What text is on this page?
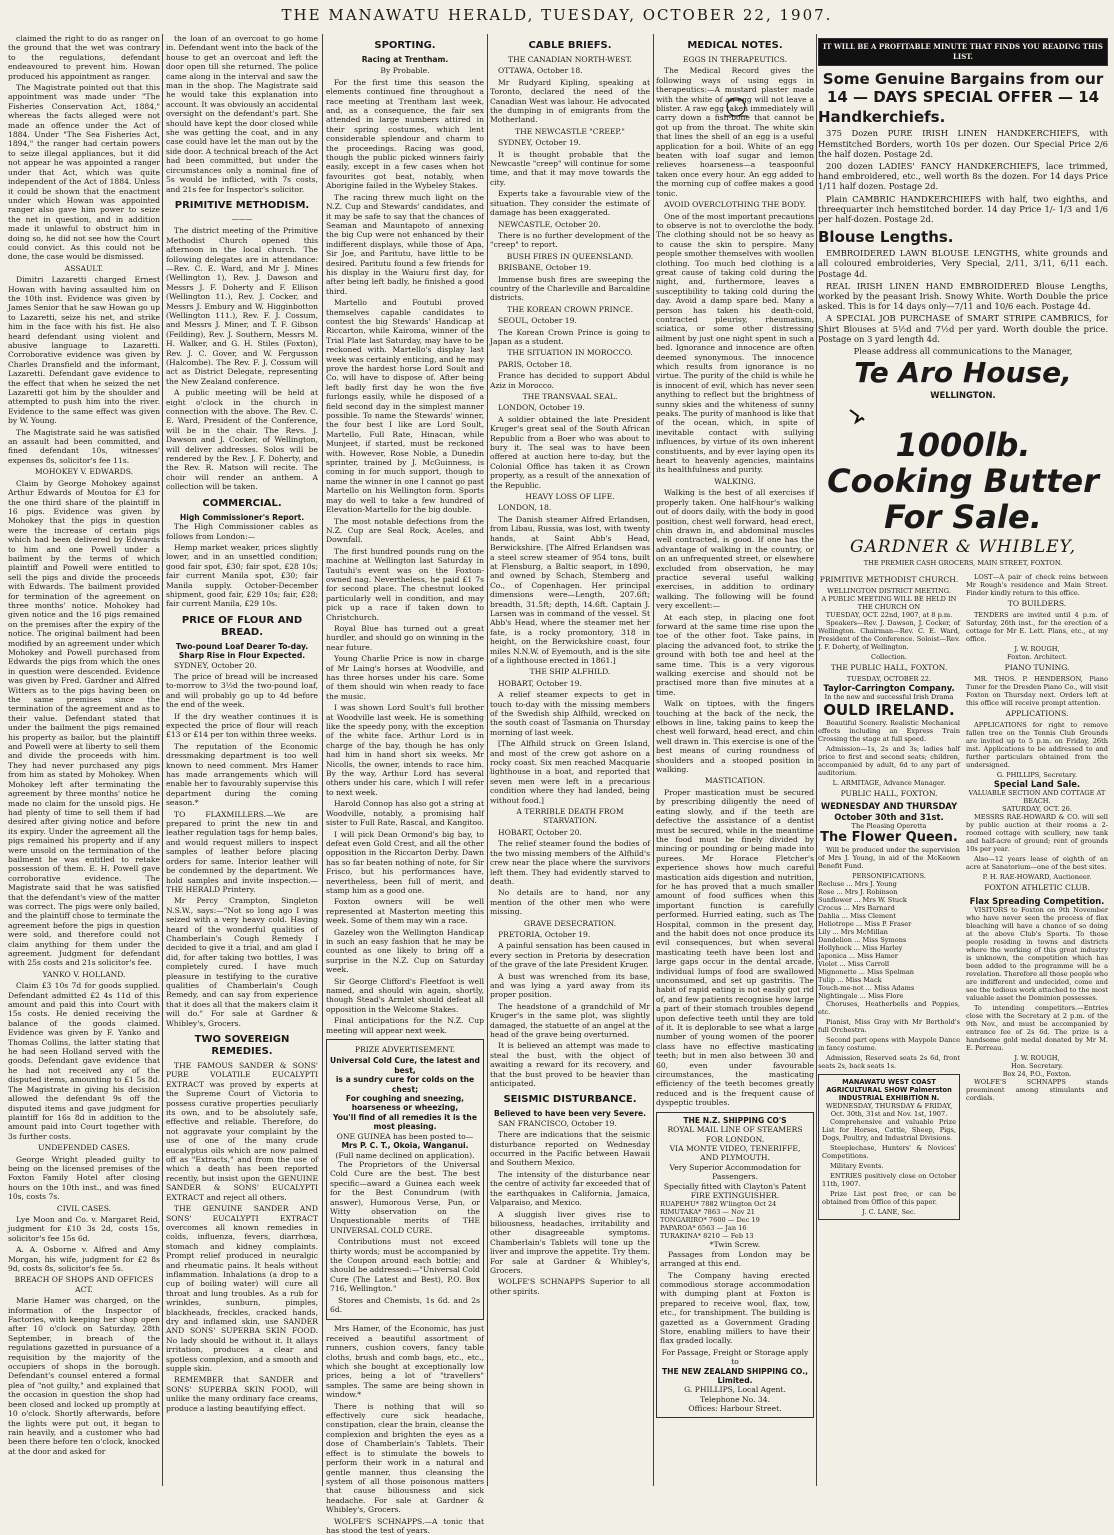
THE MANAWATU HERALD, TUESDAY, OCTOBER 22, 1907.

claimed the right to do as ranger on the ground that the wet was contrary to the regulations, defendant endeavoured to prevent him. Howan produced his appointment as ranger.

The Magistrate pointed out that this appointment was made under "The Fisheries Conservation Act, 1884," whereas the facts alleged were not made an offence under the Act of 1884. Under "The Sea Fisheries Act, 1894," the ranger had certain powers to seize illegal appliances, but it did not appear he was appointed a ranger under that Act, which was quite independent of the Act of 1884. Unless it could be shown that the enactment under which Howan was appointed ranger also gave him power to seize the net in question, and in addition made it unlawful to obstruct him in doing so, he did not see how the Court could convict. As this could not be done, the case would be dismissed.

ASSAULT.

Dimitri Lazaretti charged Ernest Howan with having assaulted him on the 10th inst. Evidence was given by James Senior that he saw Howan go up to Lazaretti, seize his net, and strike him in the face with his fist. He also heard defendant using violent and abusive language to Lazaretti. Corroborative evidence was given by Charles Dransfield and the informant, Lazaretti. Defendant gave evidence to the effect that when he seized the net Lazaretti got him by the shoulder and attempted to push him into the river. Evidence to the same effect was given by W. Young.

The Magistrate said he was satisfied an assault had been committed, and fined defendant 10s, witnesses' expenses 8s, solicitor's fee 11s.

MOHOKEY V. EDWARDS.

Claim by George Mohokey against Arthur Edwards of Moutoa for £3 for the one third share of the plaintiff in 16 pigs. Evidence was given by Mohokey that the pigs in question were the increase of certain pigs which had been delivered by Edwards to him and one Powell under a bailment by the terms of which plaintiff and Powell were entitled to sell the pigs and divide the proceeds with Edwards. The bailment provided for termination of the agreement on three months' notice. Mohokey had given notice and the 16 pigs remained on the premises after the expiry of the notice. The original bailment had been modified by an agreement under which Mohokey and Powell purchased from Edwards the pigs from which the ones in question were descended. Evidence was given by Fred. Gardner and Alfred Witters as to the pigs having been on the same premises since the termination of the agreement and as to their value. Defendant stated that under the bailment the pigs remained his property as bailor, but the plaintiff and Powell were at liberty to sell them and divide the proceeds with him. They had never purchased any pigs from him as stated by Mohokey. When Mohokey left after terminating the agreement by three months' notice he made no claim for the unsold pigs. He had plenty of time to sell them if had desired after giving notice and before its expiry. Under the agreement all the pigs remained his property and if any were unsold on the termination of the bailment he was entitled to retake possession of them. E. H. Powell gave corroborative evidence. The Magistrate said that he was satisfied that the defendant's view of the matter was correct. The pigs were only bailed, and the plaintiff chose to terminate the agreement before the pigs in question were sold, and therefore could not claim anything for them under the agreement. Judgment for defendant with 25s costs and 21s solicitor's fee.

YANKO V. HOLLAND.

Claim £3 10s 7d for goods supplied. Defendant admitted £2 4s 11d of this amount and paid this into Court with 15s costs. He denied receiving the balance of the goods claimed. Evidence was given by F. Yanko and Thomas Collins, the latter stating that he had seen Holland served with the goods. Defendant gave evidence that he had not received any of the disputed items, amounting to £1 5s 8d. The Magistrate in giving his decision allowed the defendant 9s off the disputed items and gave judgment for plaintiff for 16s 8d in addition to the amount paid into Court together with 3s further costs.

UNDEFENDED CASES.

George Wright pleaded guilty to being on the licensed premises of the Foxton Family Hotel after closing hours on the 10th inst., and was fined 10s, costs 7s.

CIVIL CASES.

Lye Moon and Co. v. Margaret Reid, judgment for £10 3s 2d, costs 15s, solicitor's fee 15s 6d.

A. A. Osborne v. Alfred and Amy Morgan, his wife, judgment for £2 8s 9d, costs 8s, solicitor's fee 5s.

BREACH OF SHOPS AND OFFICES ACT.

Marie Hamer was charged, on the information of the Inspector of Factories, with keeping her shop open after 10 o'clock on Saturday, 28th September, in breach of the regulations gazetted in pursuance of a requisition by the majority of the occupiers of shops in the borough. Defendant's counsel entered a formal plea of "not guilty," and explained that the occasion in question the shop had been closed and locked up promptly at 10 o'clock. Shortly afterwards, before the lights were put out, it began to rain heavily, and a customer who had been there before ten o'clock, knocked at the door and asked for

the loan of an overcoat to go home in. Defendant went into the back of the house to get an overcoat and left the door open till she returned. The police came along in the interval and saw the man in the shop. The Magistrate said he would take this explanation into account. It was obviously an accidental oversight on the defendant's part. She should have kept the door closed while she was getting the coat, and in any case could have let the man out by the side door. A technical breach of the Act had been committed, but under the circumstances only a nominal fine of 5s would be inflicted, with 7s costs, and 21s fee for Inspector's solicitor.

PRIMITIVE METHODISM.
———

The district meeting of the Primitive Methodist Church opened this afternoon in the local church. The following delegates are in attendance:—Rev. C. E. Ward, and Mr J. Mines (Wellington 1), Rev. J. Dawson and Messrs J. F. Doherty and F. Ellison (Wellington 11.), Rev. J. Cocker, and Messrs J. Embury and W. Higginbotton (Wellington 111.), Rev. F. J. Cossum, and Messrs J. Miner, and T. F. Gibson (Feilding), Rev. J. Southern, Messrs M. H. Walker, and G. H. Stiles (Foxton), Rev. J. C. Gover, and W. Fergusson (Halcombe). The Rev. F. J. Cossum will act as District Delegate, representing the New Zealand conference.

A public meeting will be held at eight o'clock in the church in connection with the above. The Rev. C. E. Ward, President of the Conference, will be in the chair. The Revs. J. Dawson and J. Cocker, of Wellington, will deliver addresses. Solos will be rendered by the Rev. J. F. Doherty, and the Rev. R. Matson will recite. The choir will render an anthem. A collection will be taken.

COMMERCIAL.
High Commissioner's Report.

The High Commissioner cables as follows from London:—

Hemp market weaker, prices slightly lower, and in an unsettled condition; good fair spot, £30; fair spot, £28 10s; fair current Manila spot, £30; fair Manila supply. October-December shipment, good fair, £29 10s; fair, £28; fair current Manila, £29 10s.

PRICE OF FLOUR AND BREAD.
Two-pound Loaf Dearer To-day.
Sharp Rise in Flour Expected.

SYDNEY, October 20.

The price of bread will be increased to-morrow to 3½d the two-pound loaf, and will probably go up to 4d before the end of the week.

If the dry weather continues it is expected the price of flour will reach £13 or £14 per ton within three weeks.

The reputation of the Economic dressmaking department is too well known to need comment. Mrs Hamer has made arrangements which will enable her to favourably supervise this department during the coming season.*

TO FLAXMILLERS.—We are prepared to print the new tin and leather regulation tags for hemp bales, and would request millers to inspect samples of leather before placing orders for same. Interior leather will be condemned by the department. We hold samples and invite inspection.—THE HERALD Printery.

Mr Percy Crampton, Singleton N.S.W., says:—"Not so long ago I was seized with a very heavy cold. Having heard of the wonderful qualities of Chamberlain's Cough Remedy I decided to give it a trial, and am glad I did, for after taking two bottles, I was completely cured. I have much pleasure in testifying to the curative qualities of Chamberlain's Cough Remedy, and can say from experience that it does all that the makers claim it will do." For sale at Gardner & Whibley's, Grocers.

TWO SOVEREIGN REMEDIES.

THE FAMOUS SANDER & SONS' PURE VOLATILE EUCALYPTI EXTRACT was proved by experts at the Supreme Court of Victoria to possess curative properties peculiarly its own, and to be absolutely safe, effective and reliable. Therefore, do not aggravate your complaint by the use of one of the many crude eucalyptus oils which are now palmed off as "Extracts," and from the use of which a death has been reported recently, but insist upon the GENUINE SANDER & SONS' EUCALYPTI EXTRACT and reject all others.

THE GENUINE SANDER AND SONS' EUCALYPTI EXTRACT overcomes all known remedies in colds, influenza, fevers, diarrhœa, stomach and kidney complaints. Prompt relief produced in neuralgic and rheumatic pains. It heals without inflammation. Inhalations (a drop to a cup of boiling water) will cure all throat and lung troubles. As a rub for wrinkles, sunburn, pimples, blackheads, freckles, cracked hands, dry and inflamed skin, use SANDER AND SONS' SUPERBA SKIN FOOD. No lady should be without it. It allays irritation, produces a clear and spotless complexion, and a smooth and supple skin.

REMEMBER that SANDER and SONS' SUPERBA SKIN FOOD, will unlike the many ordinary face creams, produce a lasting beautifying effect.

SPORTING.
Racing at Trentham.
By Probable.

For the first time this season the elements continued fine throughout a race meeting at Trentham last week, and, as a consequence, the fair sex attended in large numbers attired in their spring costumes, which lent considerable splendour and charm to the proceedings. Racing was good, though the public picked winners fairly easily, except in a few cases when hot favourites got beat, notably, when Aborigine failed in the Wybeley Stakes.

The racing threw much light on the N.Z. Cup and Stewards' candidates, and it may be safe to say that the chances of Seaman and Mauntapoto of annexing the big Cup were not enhanced by their indifferent displays, while those of Apa, Sir Joe, and Paritutu, have little to be desired. Paritutu found a few friends for his display in the Waiuru first day, for after being left badly, he finished a good third.

Martello and Foutubi proved themselves capable candidates to contest the big Stewards' Handicap at Riccarton, while Kairoma, winner of the Trial Plate last Saturday, may have to be reckoned with. Martello's display last week was certainly enticing, and he may prove the hardest horse Lord Soult and Co. will have to dispose of. After being left badly first day he won the five furlongs easily, while he disposed of a field second day in the simplest manner possible. To name the Stewards' winner, the four best I like are Lord Soult, Martello, Full Rate, Hinacan, while Munjeet, if started, must be reckoned with. However, Rose Noble, a Dunedin sprinter, trained by J. McGuinness, is coming in for much support, though to name the winner in one I cannot go past Martello on his Wellington form. Sports may do well to take a few hundred of Elevation-Martello for the big double.

The most notable defections from the N.Z. Cup are Seal Rock, Aceles, and Downfall.

The first hundred pounds rung on the machine at Wellington last Saturday in Tautuhi's event was on the Foxton-owned nag. Nevertheless, he paid £1 7s for second place. The chestnut looked particularly well in condition, and may pick up a race if taken down to Christchurch.

Royal Blue has turned out a great hurdler, and should go on winning in the near future.

Young Charlie Price is now in charge of Mr Laing's horses at Woodville, and has three horses under his care. Some of them should win when ready to face the music.

I was shown Lord Soult's full brother at Woodville last week. He is something like the speedy pony, with the exception of the white face. Arthur Lord is in charge of the bay, though he has only had him in hand short six weeks. Mr Nicolls, the owner, intends to race him. By the way, Arthur Lord has several others under his care, which I will refer to next week.

Harold Connop has also got a string at Woodville, notably, a promising half sister to Full Rate, Rascal, and Kangitoo.

I will pick Dean Ormond's big bay, to defeat even Gold Crest, and all the other opposition in the Riccarton Derby. Dawn has so far beaten nothing of note, for Sir Frisco, but his performances have, nevertheless, been full of merit, and stamp him as a good one.

Foxton owners will be well represented at Masterton meeting this week. Some of them may win a race.

Gazeley won the Wellington Handicap in such an easy fashion that he may be counted as one likely to bring off a surprise in the N.Z. Cup on Saturday week.

Sir George Clifford's Fleetfoot is well named, and should win again, shortly, though Stead's Armlet should defeat all opposition in the Welcome Stakes.

Final anticipations for the N.Z. Cup meeting will appear next week.

PRIZE ADVERTISEMENT.
Universal Cold Cure, the latest and best,
is a sundry cure for colds on the chest;
For coughing and sneezing, hoarseness or wheezing,
You'll find of all remedies it is the most pleasing.
ONE GUINEA has been posted to—
Mrs P. C. T., Okoia, Wanganui.
(Full name declined on application).

The Proprietors of the Universal Cold Cure are the best. The best specific—award a Guinea each week for the Best Conundrum (with answer), Humorous Verse, Pun, or Witty observation on the Unquestionable merits of THE UNIVERSAL COLD CURE.

Contributions must not exceed thirty words; must be accompanied by the Coupon around each bottle; and should be addressed:—"Universal Cold Cure (The Latest and Best), P.O. Box 716, Wellington."

Stores and Chemists, 1s 6d. and 2s 6d.

Mrs Hamer, of the Economic, has just received a beautiful assortment of runners, cushion covers, fancy table cloths, brush and comb bags, etc., etc., which she bought at exceptionally low prices, being a lot of "travellers" samples. The same are being shown in window.*

There is nothing that will so effectively cure sick headache, constipation, clear the brain, cleanse the complexion and brighten the eyes as a dose of Chamberlain's Tablets. Their effect is to stimulate the bowels to perform their work in a natural and gentle manner, thus cleansing the system of all those poisonous matters that cause biliousness and sick headache. For sale at Gardner & Whibley's, Grocers.

WOLFE'S SCHNAPPS.—A tonic that has stood the test of years.

CABLE BRIEFS.
THE CANADIAN NORTH-WEST.

OTTAWA, October 18.

Mr Rudyard Kipling, speaking at Toronto, declared the need of the Canadian West was labour. He advocated the dumping in of emigrants from the Motherland.

THE NEWCASTLE "CREEP."

SYDNEY, October 19.

It is thought probable that the Newcastle "creep" will continue for some time, and that it may move towards the city.

Experts take a favourable view of the situation. They consider the estimate of damage has been exaggerated.

NEWCASTLE, October 20.

There is no further development of the "creep" to report.

BUSH FIRES IN QUEENSLAND.

BRISBANE, October 19.

Immense bush fires are sweeping the country of the Charleville and Barcaldine districts.

THE KOREAN CROWN PRINCE.

SEOUL, October 19.

The Korean Crown Prince is going to Japan as a student.

THE SITUATION IN MOROCCO.

PARIS, October 18.

France has decided to support Abdul Aziz in Morocco.

THE TRANSVAAL SEAL.

LONDON, October 19.

A soldier obtained the late President Kruger's great seal of the South African Republic from a Boer who was about to bury it. The seal was to have been offered at auction here to-day, but the Colonial Office has taken it as Crown property, as a result of the annexation of the Republic.

HEAVY LOSS OF LIFE.

LONDON, 18.

The Danish steamer Alfred Erlandsen, from Libau, Russia, was lost, with twenty hands, at Saint Abb's Head, Berwickshire. [The Alfred Erlandsen was a steel screw steamer of 954 tons, built at Flensburg, a Baltic seaport, in 1890, and owned by Schach, Stemberg and Co., of Copenhagen. Her principal dimensions were—Length, 207.6ft; breadth, 31.5ft; depth, 14.6ft. Captain J. Larsen was in command of the vessel. St Abb's Head, where the steamer met her fate, is a rocky promontory, 318 in height, on the Berwickshire coast, four miles N.N.W. of Eyemouth, and is the site of a lighthouse erected in 1861.]

THE SHIP ALFHILD.

HOBART, October 19.

A relief steamer expects to get in touch to-day with the missing members of the Swedish ship Alfhild, wrecked on the south coast of Tasmania on Thursday morning of last week.

[The Alfhild struck on Green Island, and most of the crew got ashore on a rocky coast. Six men reached Macquarie lighthouse in a boat, and reported that seven men were left in a precarious condition where they had landed, being without food.]

A TERRIBLE DEATH FROM STARVATION.

HOBART, October 20.

The relief steamer found the bodies of the two missing members of the Alfhild's crew near the place where the survivors left them. They had evidently starved to death.

No details are to hand, nor any mention of the other men who were missing.

GRAVE DESECRATION.

PRETORIA, October 19.

A painful sensation has been caused in every section in Pretoria by desecration of the grave of the late President Kruger.

A bust was wrenched from its base, and was lying a yard away from its proper position.

The headstone of a grandchild of Mr Kruger's in the same plot, was slightly damaged, the statuette of an angel at the head of the grave being overturned.

It is believed an attempt was made to steal the bust, with the object of awaiting a reward for its recovery, and that the bust proved to be heavier than anticipated.

SEISMIC DISTURBANCE.
Believed to have been very Severe.

SAN FRANCISCO, October 19.

There are indications that the seismic disturbance reported on Wednesday occurred in the Pacific between Hawaii and Southern Mexico.

The intensity of the disturbance near the centre of activity far exceeded that of the earthquakes in California, Jamaica, Valparaiso, and Mexico.

A sluggish liver gives rise to biliousness, headaches, irritability and other disagreeable symptoms. Chamberlain's Tablets will tone up the liver and improve the appetite. Try them. For sale at Gardner & Whibley's, Grocers.

WOLFE'S SCHNAPPS Superior to all other spirits.

MEDICAL NOTES.
EGGS IN THERAPEUTICS.

The Medical Record gives the following ways of using eggs in therapeutics:—A mustard plaster made with the white of an egg will not leave a blister. A raw egg taken immediately will carry down a fish-bone that cannot be got up from the throat. The white skin that lines the shell of an egg is a useful application for a boil. White of an egg beaten with loaf sugar and lemon relieves hoarseness—a teaspoonful taken once every hour. An egg added to the morning cup of coffee makes a good tonic.

AVOID OVERCLOTHING THE BODY.

One of the most important precautions to observe is not to overclothe the body. The clothing should not be so heavy as to cause the skin to perspire. Many people smother themselves with woollen clothing. Too much bed clothing is a great cause of taking cold during the night, and, furthermore, leaves a susceptibility to taking cold during the day. Avoid a damp spare bed. Many a person has taken his death-cold, contracted pleurisy, rheumatism, sciatica, or some other distressing ailment by just one night spent in such a bed. Ignorance and innocence are often deemed synonymous. The innocence which results from ignorance is no virtue. The purity of the child is while he is innocent of evil, which has never seen anything to reflect but the brightness of sunny skies and the whiteness of sunny peaks. The purity of manhood is like that of the ocean, which, in spite of inevitable contact with sullying influences, by virtue of its own inherent constituents, and by ever laying open its heart to heavenly agencies, maintains its healthfulness and purity.

WALKING.

Walking is the best of all exercises if properly taken. One half-hour's walking out of doors daily, with the body in good position, chest well forward, head erect, chin drawn in, and abdominal muscles well contracted, is good. If one has the advantage of walking in the country, or on an unfrequented street, or elsewhere excluded from observation, he may practice several useful walking exercises, in addition to ordinary walking. The following will be found very excellent:—

At each step, in placing one foot forward at the same time rise upon the toe of the other foot. Take pains, in placing the advanced foot, to strike the ground with both toe and heel at the same time. This is a very vigorous walking exercise and should not be practised more than five minutes at a time.

Walk on tiptoes, with the fingers touching at the back of the neck, the elbows in line, taking pains to keep the chest well forward, head erect, and chin well drawn in. This exercise is one of the best means of curing roundness of shoulders and a stooped position in walking.

MASTICATION.

Proper mastication must be secured by prescribing diligently the need of eating slowly, and if the teeth are defective the assistance of a dentist must be secured, while in the meantime the food must be finely divided by mincing or pounding or being made into purees. Mr Horace Fletcher's experience shows how much careful mastication aids digestion and nutrition, for he has proved that a much smaller amount of food suffices when this important function is carefully performed. Hurried eating, such as The Hospital, common in the present day, and the habit does not once produce its evil consequences, but when several masticating teeth have been lost and large gaps occur in the dental arcade, individual lumps of food are swallowed unconsumed, and set up gastritis. The habit of rapid eating is not easily got rid of, and few patients recognise how large a part of their stomach troubles depend upon defective teeth until they are told of it. It is deplorable to see what a large number of young women of the poorer class have no effective masticating teeth; but in men also between 30 and 60, even under favourable circumstances, the masticating efficiency of the teeth becomes greatly reduced and is the frequent cause of dyspeptic troubles.

THE N.Z. SHIPPING CO'S
ROYAL MAIL LINE OF STEAMERS FOR LONDON.
VIA MONTE VIDEO, TENERIFFE, AND PLYMOUTH.
Very Superior Accommodation for Passengers.
Specially fitted with Clayton's Patent FIRE EXTINGUISHER.
RUAPEHU* 7882 W'lington Oct 24
RIMUTAKA* 7863 — Nov 21
TONGARIRO* 7600 — Dec 19
PAPAROA* 6563 — Jan 16
TURAKINA* 8210 — Feb 13
*Twin Screw.

Passages from London may be arranged at this end.

The Company having erected commodious storage accommodation with dumping plant at Foxton is prepared to receive wool, flax, tow, etc., for transhipment. The building is gazetted as a Government Grading Store, enabling millers to have their flax graded locally.

For Passage, Freight or Storage apply to
THE NEW ZEALAND SHIPPING CO., Limited.
G. PHILLIPS, Local Agent.
Telephone No. 34.
Offices: Harbour Street.
IT WILL BE A PROFITABLE MINUTE THAT FINDS YOU READING THIS LIST.
Some Genuine Bargains from our
14 — DAYS SPECIAL OFFER — 14
Handkerchiefs.

375 Dozen PURE IRISH LINEN HANDKERCHIEFS, with Hemstitched Borders, worth 10s per dozen. Our Special Price 2/6 the half dozen. Postage 2d.

200 dozen LADIES' FANCY HANDKERCHIEFS, lace trimmed, hand embroidered, etc., well worth 8s the dozen. For 14 days Price 1/11 half dozen. Postage 2d.

Plain CAMBRIC HANDKERCHIEFS with half, two eighths, and threequarter inch hemstitched border. 14 day Price 1/- 1/3 and 1/6 per half-dozen. Postage 2d.

Blouse Lengths.

EMBROIDERED LAWN BLOUSE LENGTHS, white grounds and all coloured embroideries, Very Special, 2/11, 3/11, 6/11 each. Postage 4d.

REAL IRISH LINEN HAND EMBROIDERED Blouse Lengths, worked by the peasant Irish. Snowy White. Worth Double the price asked. This is for 14 days only—7/11 and 10/6 each. Postage 4d.

A SPECIAL JOB PURCHASE of SMART STRIPE CAMBRICS, for Shirt Blouses at 5½d and 7½d per yard. Worth double the price. Postage on 3 yard length 4d.

Please address all communications to the Manager,
Te Aro House,
WELLINGTON.
1000lb.
Cooking Butter
For Sale.
GARDNER & WHIBLEY,
THE PREMIER CASH GROCERS, MAIN STREET, FOXTON.
PRIMITIVE METHODIST CHURCH.
WELLINGTON DISTRICT MEETING.
A PUBLIC MEETING WILL BE HELD IN THE CHURCH ON
TUESDAY, OCT. 22nd, 1907, at 8 p.m.

Speakers—Rev. J. Dawson, J. Cocker, of Wellington. Chairman—Rev. C. E. Ward, President of the Conference. Soloist—Rev. J. F. Doherty, of Wellington.

Collection.
THE PUBLIC HALL, FOXTON.
TUESDAY, OCTOBER 22.
Taylor-Carrington Company.
In the new and successful Irish Drama
OULD IRELAND.

Beautiful Scenery. Realistic Mechanical effects including an Express Train Crossing the stage at full speed.

Admission—1s, 2s and 3s; ladies half price to first and second seats; children, accompanied by adult, 6d to any part of auditorium.

L. ARMITAGE, Advance Manager.
PUBLIC HALL, FOXTON.
WEDNESDAY AND THURSDAY October 30th and 31st.
The Pleasing Operetta
The Flower Queen.

Will be produced under the supervision of Mrs J. Young, in aid of the McKeown Benefit Fund.

PERSONIFICATIONS.
Recluse ... Mrs J. Young
Rose ... Mrs J. Robinson
Sunflower ... Mrs W. Stuck
Crocus ... Mrs Barnard
Dahlia ... Miss Clement
Heliotrope ... Miss P. Fraser
Lily ... Mrs McMillan
Dandelion ... Miss Symons
Hollyhock ... Miss Harley
Japonica ... Miss Hamer
Violet ... Miss Carroll
Mignonette ... Miss Spelman
Tulip ... Miss Mack
Touch-me-not ... Miss Adams
Nightingale ... Miss Flore

Choruses, Heatherbells and Poppies, etc.

Pianist, Miss Gray with Mr Berthold's full Orchestra.

Second part opens with Maypole Dance in fancy costume.

Admission, Reserved seats 2s 6d, front seats 2s, back seats 1s.

MANAWATU WEST COAST
AGRICULTURAL SHOW Palmerston
INDUSTRIAL EXHIBITION N.
WEDNESDAY, THURSDAY & FRIDAY,
Oct. 30th, 31st and Nov. 1st, 1907.

Comprehensive and valuable Prize List for Horses, Cattle, Sheep, Pigs, Dogs, Poultry, and Industrial Divisions.

Steeplechase, Hunters' & Novices' Competitions.

Military Events.

ENTRIES positively close on October 11th, 1907.

Prize List post free, or can be obtained from Office of this paper.

J. C. LANE, Sec.

LOST—A pair of check reins between Mr Rough's residence and Main Street. Finder kindly return to this office.

TO BUILDERS.

TENDERS are invited until 4 p.m. of Saturday, 26th inst., for the erection of a cottage for Mr E. Lett. Plans, etc., at my office.

J. W. ROUGH,
Foxton. Architect.
PIANO TUNING.

MR. THOS. P. HENDERSON, Piano Tuner for the Dresden Piano Co., will visit Foxton on Thursday next. Orders left at this office will receive prompt attention.

APPLICATIONS.

APPLICATIONS for right to remove fallen tree on the Tennis Club Grounds are invited up to 5 p.m. on Friday, 26th inst. Applications to be addressed to and further particulars obtained from the undersigned.

G. PHILLIPS, Secretary.
Special Land Sale.
VALUABLE SECTION AND COTTAGE AT BEACH.
SATURDAY, OCT. 26.

MESSRS RAE-HOWARD & CO. will sell by public auction at their rooms a 2-roomed cottage with scullery, new tank and half-acre of ground; rent of grounds 10s per year.

Also—12 years lease of eighth of an acre at Sanatorium—one of the best sites.

P. H. RAE-HOWARD, Auctioneer.
FOXTON ATHLETIC CLUB.
Flax Spreading Competition.

VISITORS to Foxton on 9th November who have never seen the process of flax bleaching will have a chance of so doing at the above Club's Sports. To those people residing in towns and districts where the working of this great industry is unknown, the competition which has been added to the programme will be a revelation. Therefore all those people who are indifferent and undecided, come and see the tedious work attached to the most valuable asset the Dominion possesses.

To intending competitors.—Entries close with the Secretary at 2 p.m. of the 9th Nov., and must be accompanied by entrance fee of 2s 6d. The prize is a handsome gold medal donated by Mr M. E. Perreau.

J. W. ROUGH,
Hon. Secretary.
Box 24, P.O., Foxton.

WOLFE'S SCHNAPPS stands preeminent among stimulants and cordials.
